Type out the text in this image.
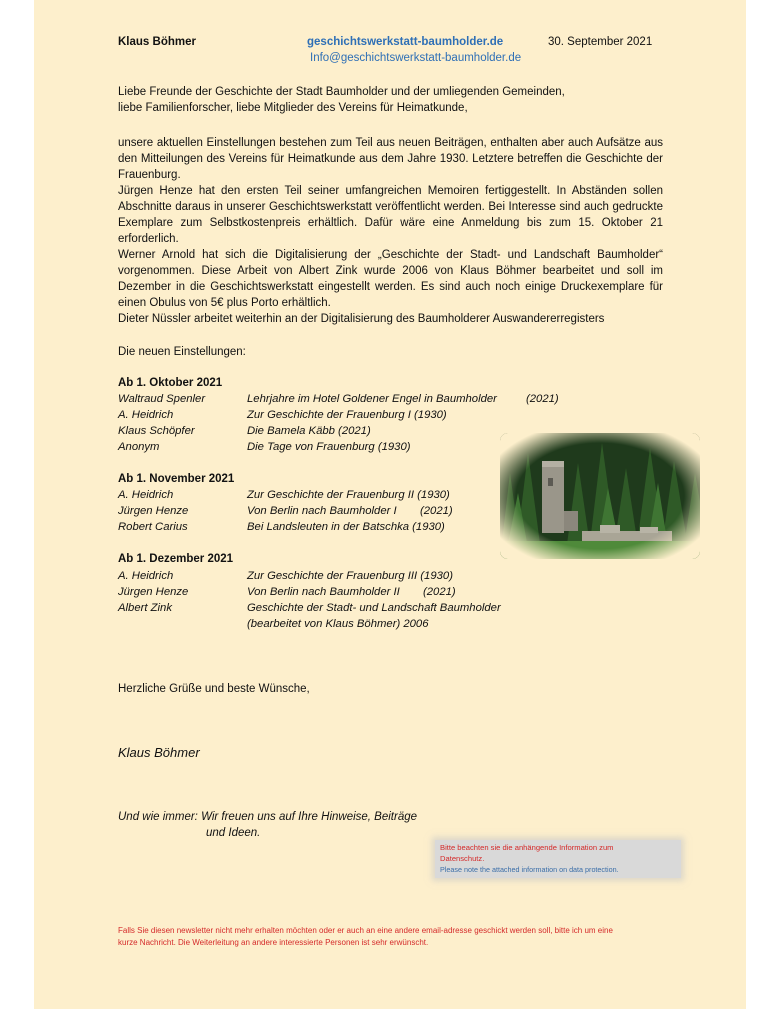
Klaus Böhmer	geschichtswerkstatt-baumholder.de
Info@geschichtswerkstatt-baumholder.de
30. September 2021
Liebe Freunde der Geschichte der Stadt Baumholder und der umliegenden Gemeinden,
liebe Familienforscher, liebe Mitglieder des Vereins für Heimatkunde,

unsere aktuellen Einstellungen bestehen zum Teil aus neuen Beiträgen, enthalten aber auch Aufsätze aus den Mitteilungen des Vereins für Heimatkunde aus dem Jahre 1930. Letztere betreffen die Geschichte der Frauenburg.

Jürgen Henze hat den ersten Teil seiner umfangreichen Memoiren fertiggestellt. In Abständen sollen Abschnitte daraus in unserer Geschichtswerkstatt veröffentlicht werden. Bei Interesse sind auch gedruckte Exemplare zum Selbstkostenpreis erhältlich. Dafür wäre eine Anmeldung bis zum 15. Oktober 21 erforderlich.

Werner Arnold hat sich die Digitalisierung der „Geschichte der Stadt- und Landschaft Baumholder“ vorgenommen. Diese Arbeit von Albert Zink wurde 2006 von Klaus Böhmer bearbeitet und soll im Dezember in die Geschichtswerkstatt eingestellt werden. Es sind auch noch einige Druckexemplare für einen Obulus von 5€ plus Porto erhältlich.

Dieter Nüssler arbeitet weiterhin an der Digitalisierung des Baumholderer Auswandererregisters

Die neuen Einstellungen:
Ab 1. Oktober 2021
Waltraud Spenler	Lehrjahre im Hotel Goldener Engel in Baumholder	(2021)
A. Heidrich	Zur Geschichte der Frauenburg I (1930)
Klaus Schöpfer	Die Bamela Käbb (2021)
Anonym	Die Tage von Frauenburg (1930)
Ab 1. November 2021
A. Heidrich	Zur Geschichte der Frauenburg II (1930)
Jürgen Henze	Von Berlin nach Baumholder I (2021)
Robert Carius	Bei Landsleuten in der Batschka (1930)
Ab 1. Dezember 2021
A. Heidrich	Zur Geschichte der Frauenburg III (1930)
Jürgen Henze	Von Berlin nach Baumholder II (2021)
Albert Zink	Geschichte der Stadt- und Landschaft Baumholder
(bearbeitet von Klaus Böhmer) 2006
Herzliche Grüße und beste Wünsche,
Klaus Böhmer
Und wie immer: Wir freuen uns auf Ihre Hinweise, Beiträge
und Ideen.
Bitte beachten sie die anhängende Information zum
Datenschutz.
Please note the attached information on data protection.
Falls Sie diesen newsletter nicht mehr erhalten möchten oder er auch an eine andere email-adresse geschickt werden soll, bitte ich um eine
kurze Nachricht. Die Weiterleitung an andere interessierte Personen ist sehr erwünscht.
